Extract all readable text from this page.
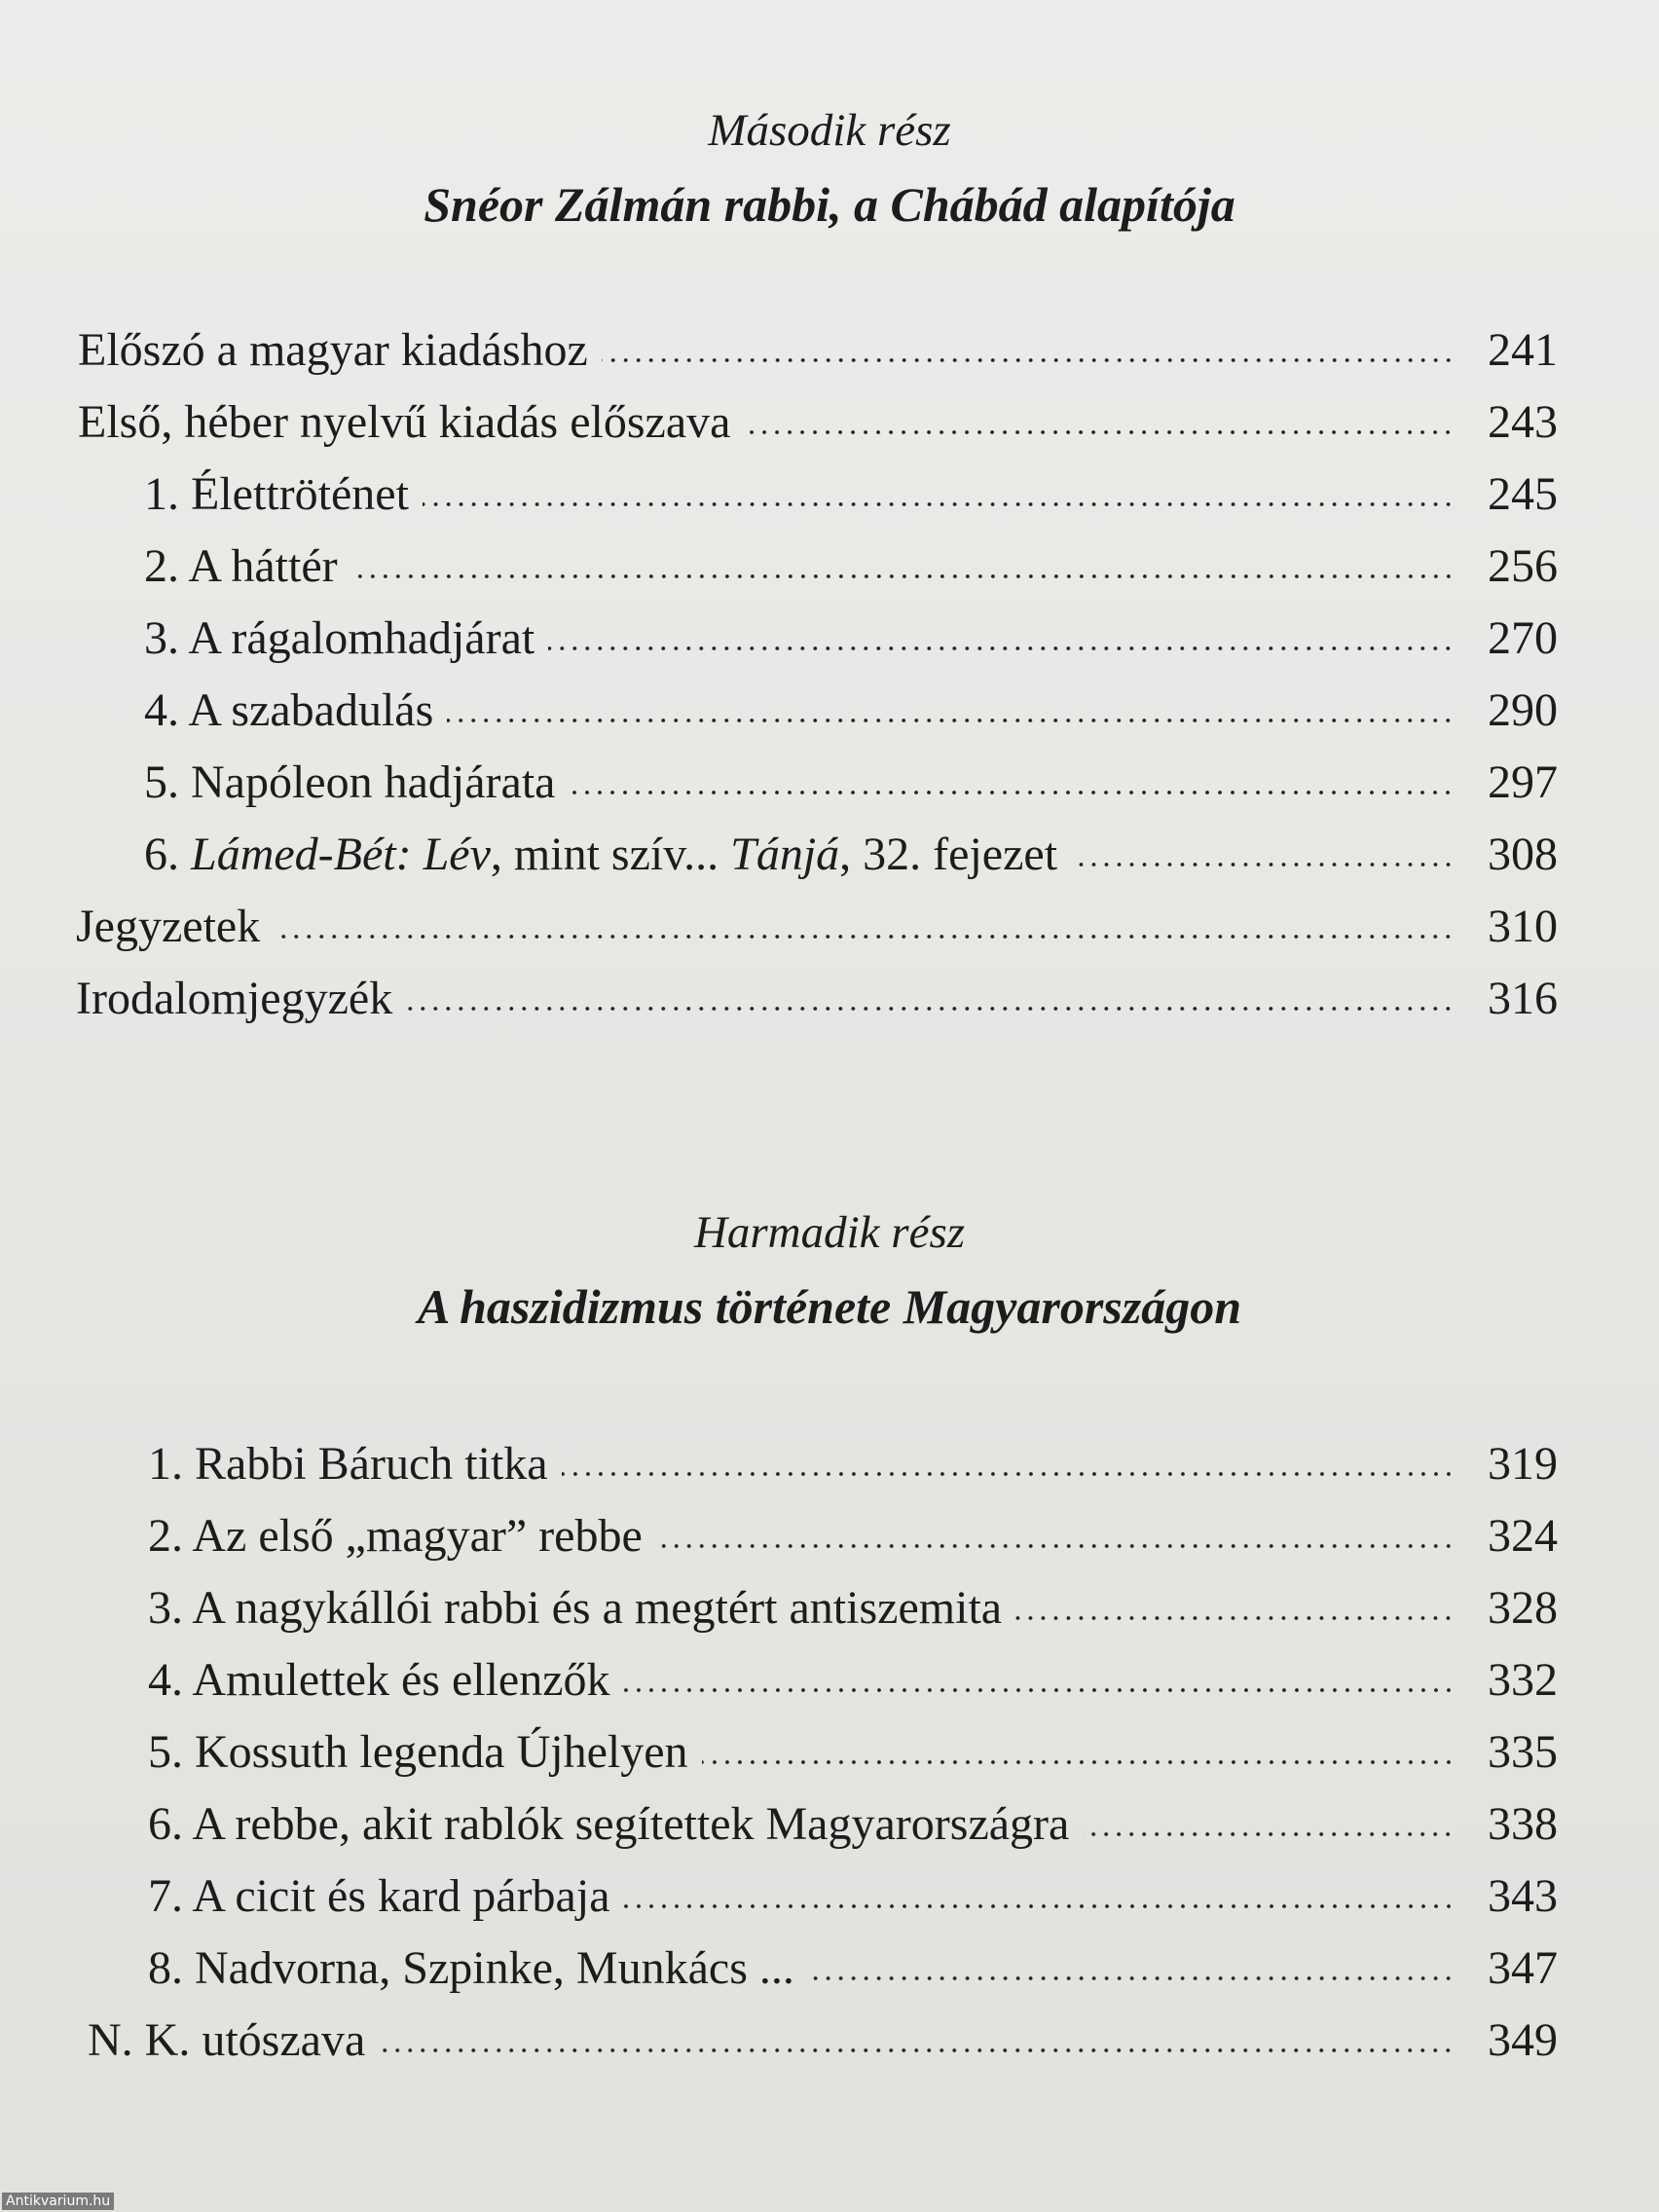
Második rész
Snéor Zálmán rabbi, a Chábád alapítója
Előszó a magyar kiadáshoz	241
Első, héber nyelvű kiadás előszava	243
1. Élettröténet	245
2. A háttér	256
3. A rágalomhadjárat	270
4. A szabadulás	290
5. Napóleon hadjárata	297
6. Lámed-Bét: Lév, mint szív... Tánjá, 32. fejezet	308
Jegyzetek	310
Irodalomjegyzék	316
Harmadik rész
A haszidizmus története Magyarországon
1. Rabbi Báruch titka	319
2. Az első „magyar” rebbe	324
3. A nagykállói rabbi és a megtért antiszemita	328
4. Amulettek és ellenzők	332
5. Kossuth legenda Újhelyen	335
6. A rebbe, akit rablók segítettek Magyarországra	338
7. A cicit és kard párbaja	343
8. Nadvorna, Szpinke, Munkács ...	347
N. K. utószava	349
Antikvarium.hu
